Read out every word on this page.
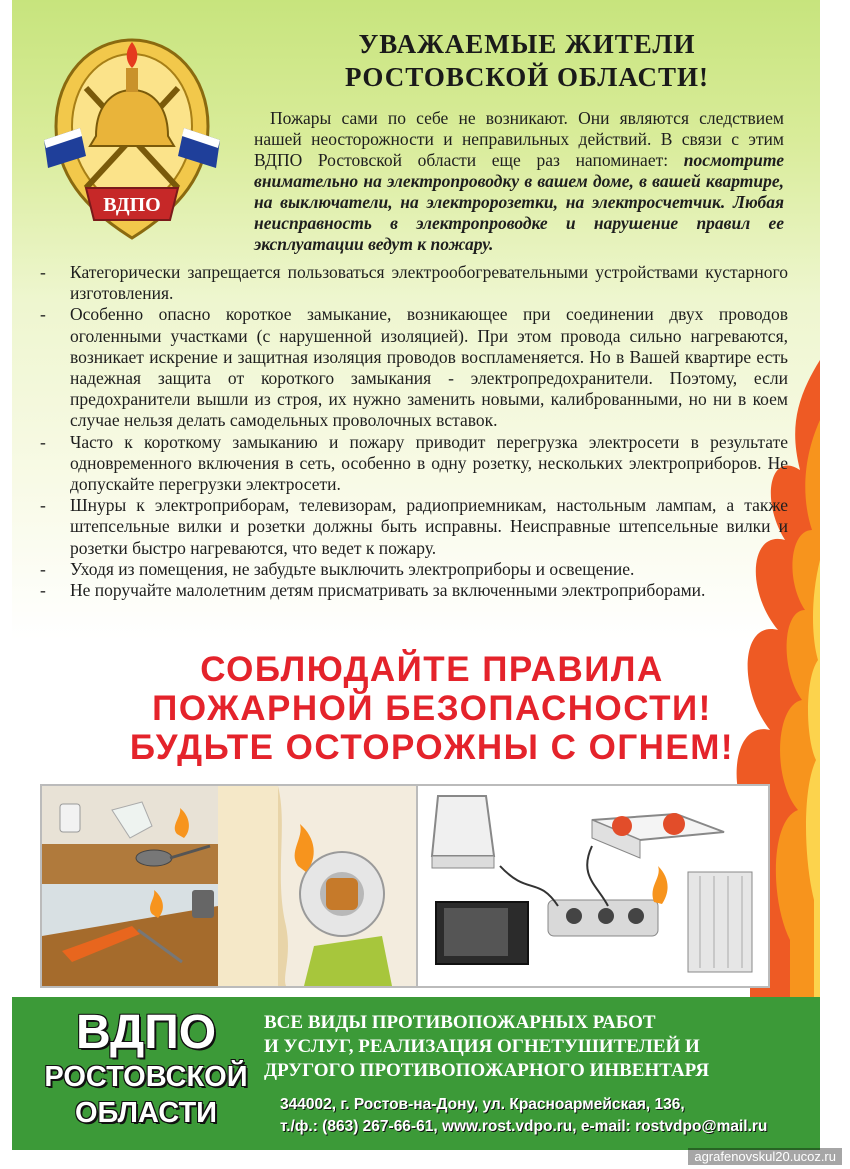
ВДПО
УВАЖАЕМЫЕ ЖИТЕЛИ
РОСТОВСКОЙ ОБЛАСТИ!

Пожары сами по себе не возникают. Они являются следствием нашей неосторожности и неправильных действий. В связи с этим ВДПО Ростовской области еще раз напоминает: посмотрите внимательно на электропроводку в вашем доме, в вашей квартире, на выключатели, на электророзетки, на электросчетчик. Любая неисправность в электропроводке и нарушение правил ее эксплуатации ведут к пожару.

- Категорически запрещается пользоваться электрообогревательными устройствами кустарного изготовления.
- Особенно опасно короткое замыкание, возникающее при соединении двух проводов оголенными участками (с нарушенной изоляцией). При этом провода сильно нагреваются, возникает искрение и защитная изоляция проводов воспламеняется. Но в Вашей квартире есть надежная защита от короткого замыкания - электропредохранители. Поэтому, если предохранители вышли из строя, их нужно заменить новыми, калиброванными, но ни в коем случае нельзя делать самодельных проволочных вставок.
- Часто к короткому замыканию и пожару приводит перегрузка электросети в результате одновременного включения в сеть, особенно в одну розетку, нескольких электроприборов. Не допускайте перегрузки электросети.
- Шнуры к электроприборам, телевизорам, радиоприемникам, настольным лампам, а также штепсельные вилки и розетки должны быть исправны. Неисправные штепсельные вилки и розетки быстро нагреваются, что ведет к пожару.
- Уходя из помещения, не забудьте выключить электроприборы и освещение.
- Не поручайте малолетним детям присматривать за включенными электроприборами.
СОБЛЮДАЙТЕ ПРАВИЛА
ПОЖАРНОЙ БЕЗОПАСНОСТИ!
БУДЬТЕ ОСТОРОЖНЫ С ОГНЕМ!
ВДПО
РОСТОВСКОЙ
ОБЛАСТИ
ВСЕ ВИДЫ ПРОТИВОПОЖАРНЫХ РАБОТ
И УСЛУГ, РЕАЛИЗАЦИЯ ОГНЕТУШИТЕЛЕЙ И
ДРУГОГО ПРОТИВОПОЖАРНОГО ИНВЕНТАРЯ
344002, г. Ростов-на-Дону, ул. Красноармейская, 136,
т./ф.: (863) 267-66-61, www.rost.vdpo.ru, e-mail: rostvdpo@mail.ru
agrafenovskul20.ucoz.ru
